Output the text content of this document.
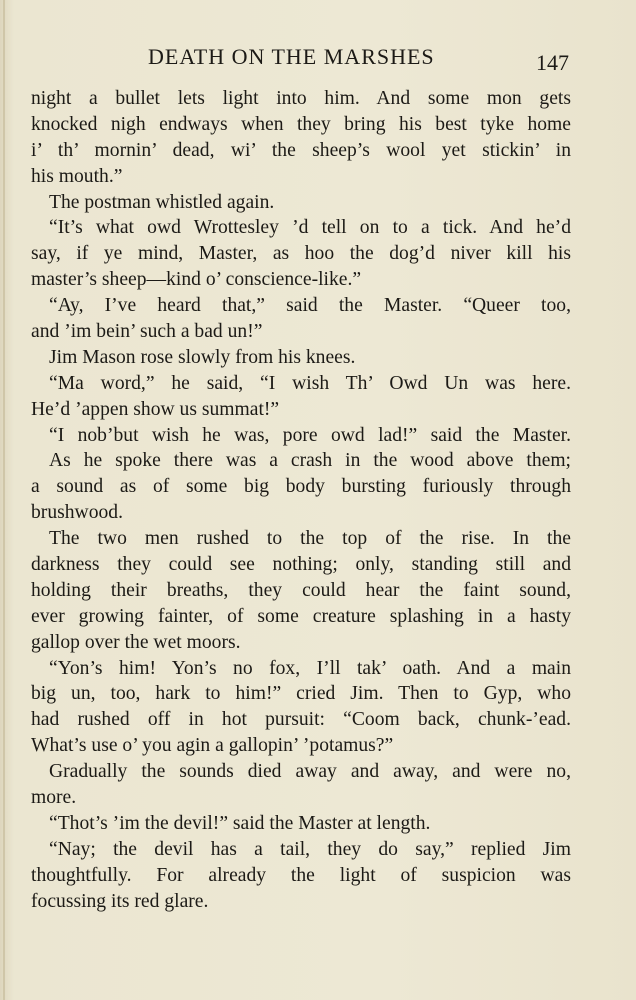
DEATH ON THE MARSHES	147
night a bullet lets light into him. And some mon gets
knocked nigh endways when they bring his best tyke home
i’ th’ mornin’ dead, wi’ the sheep’s wool yet stickin’ in
his mouth.”
The postman whistled again.
“It’s what owd Wrottesley ’d tell on to a tick. And he’d
say, if ye mind, Master, as hoo the dog’d niver kill his
master’s sheep—kind o’ conscience-like.”
“Ay, I’ve heard that,” said the Master. “Queer too,
and ’im bein’ such a bad un!”
Jim Mason rose slowly from his knees.
“Ma word,” he said, “I wish Th’ Owd Un was here.
He’d ’appen show us summat!”
“I nob’but wish he was, pore owd lad!” said the Master.
As he spoke there was a crash in the wood above them;
a sound as of some big body bursting furiously through
brushwood.
The two men rushed to the top of the rise. In the
darkness they could see nothing; only, standing still and
holding their breaths, they could hear the faint sound,
ever growing fainter, of some creature splashing in a hasty
gallop over the wet moors.
“Yon’s him! Yon’s no fox, I’ll tak’ oath. And a main
big un, too, hark to him!” cried Jim. Then to Gyp, who
had rushed off in hot pursuit: “Coom back, chunk-’ead.
What’s use o’ you agin a gallopin’ ’potamus?”
Gradually the sounds died away and away, and were no,
more.
“Thot’s ’im the devil!” said the Master at length.
“Nay; the devil has a tail, they do say,” replied Jim
thoughtfully. For already the light of suspicion was
focussing its red glare.
